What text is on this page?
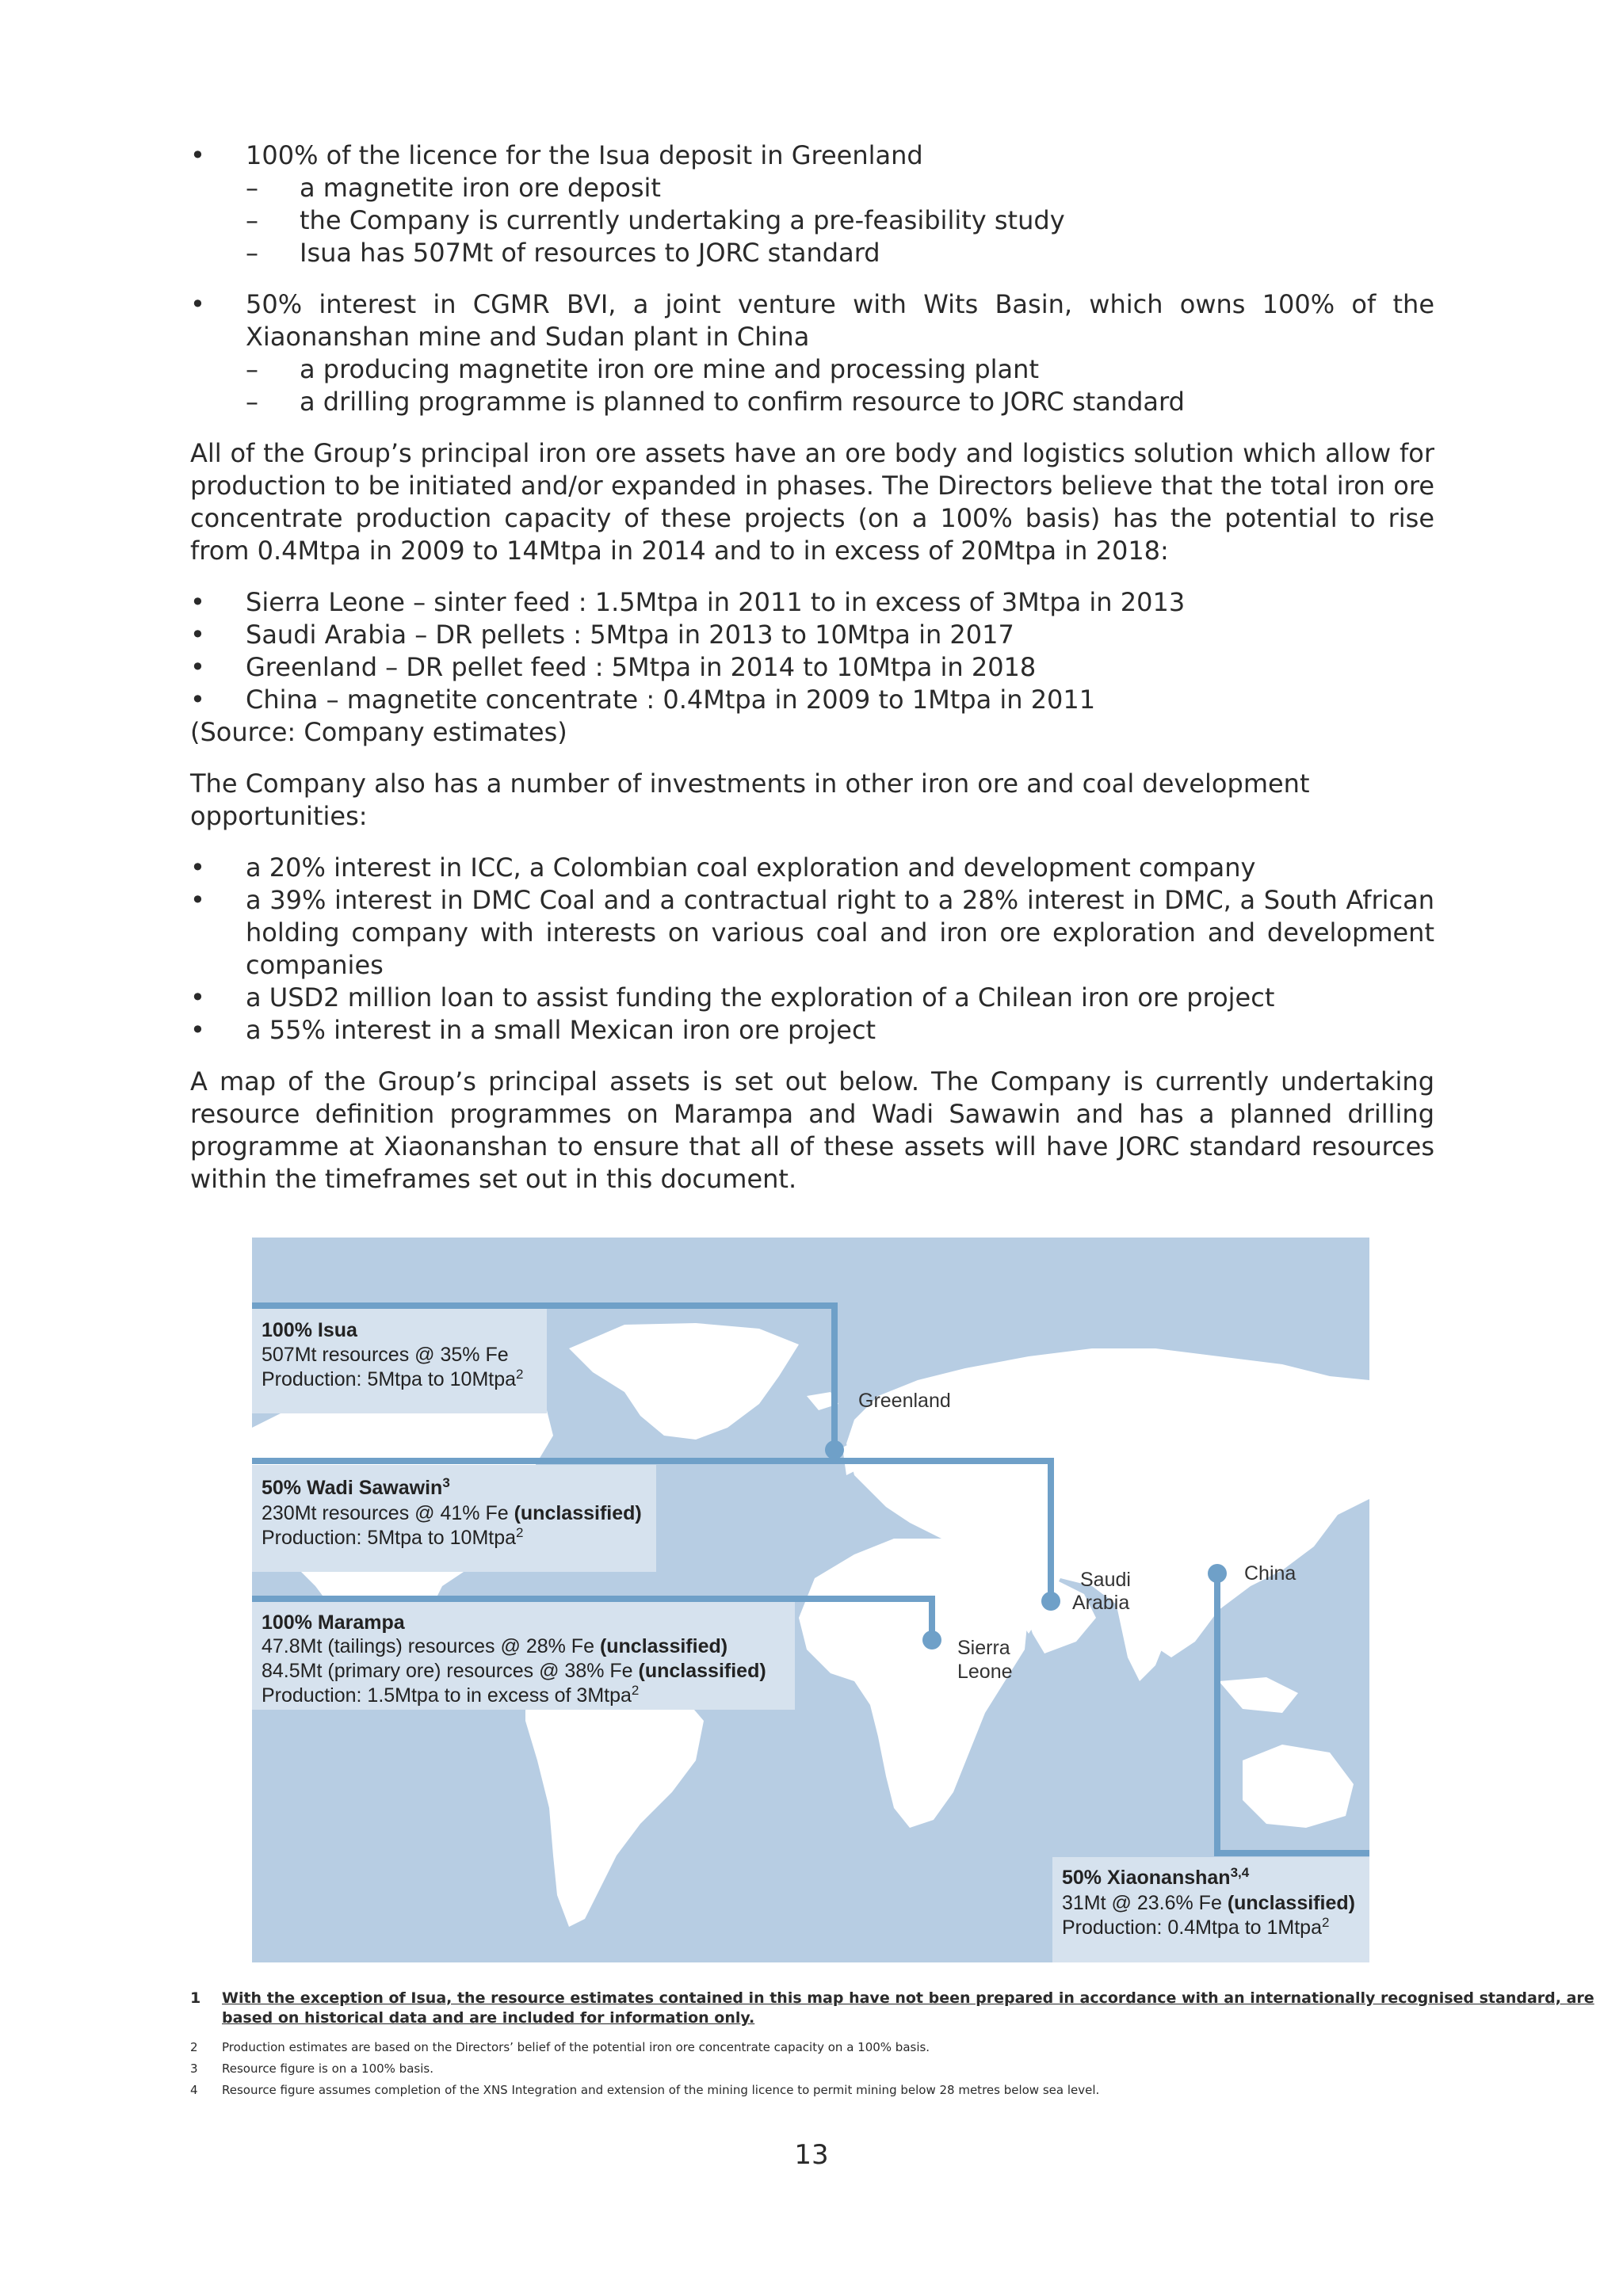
• 100% of the licence for the Isua deposit in Greenland
– a magnetite iron ore deposit
– the Company is currently undertaking a pre-feasibility study
– Isua has 507Mt of resources to JORC standard
• 50% interest in CGMR BVI, a joint venture with Wits Basin, which owns 100% of the Xiaonanshan mine and Sudan plant in China
– a producing magnetite iron ore mine and processing plant
– a drilling programme is planned to confirm resource to JORC standard
All of the Group’s principal iron ore assets have an ore body and logistics solution which allow for production to be initiated and/or expanded in phases. The Directors believe that the total iron ore concentrate production capacity of these projects (on a 100% basis) has the potential to rise from 0.4Mtpa in 2009 to 14Mtpa in 2014 and to in excess of 20Mtpa in 2018:
• Sierra Leone – sinter feed : 1.5Mtpa in 2011 to in excess of 3Mtpa in 2013
• Saudi Arabia – DR pellets : 5Mtpa in 2013 to 10Mtpa in 2017
• Greenland – DR pellet feed : 5Mtpa in 2014 to 10Mtpa in 2018
• China – magnetite concentrate : 0.4Mtpa in 2009 to 1Mtpa in 2011
(Source: Company estimates)
The Company also has a number of investments in other iron ore and coal development opportunities:
• a 20% interest in ICC, a Colombian coal exploration and development company
• a 39% interest in DMC Coal and a contractual right to a 28% interest in DMC, a South African holding company with interests on various coal and iron ore exploration and development companies
• a USD2 million loan to assist funding the exploration of a Chilean iron ore project
• a 55% interest in a small Mexican iron ore project
A map of the Group’s principal assets is set out below. The Company is currently undertaking resource definition programmes on Marampa and Wadi Sawawin and has a planned drilling programme at Xiaonanshan to ensure that all of these assets will have JORC standard resources within the timeframes set out in this document.
Greenland
Saudi
Arabia
Sierra
Leone
China
100% Isua
507Mt resources @ 35% Fe
Production: 5Mtpa to 10Mtpa$^2$
50% Wadi Sawawin$^3$
230Mt resources @ 41% Fe (unclassified)
Production: 5Mtpa to 10Mtpa$^2$
100% Marampa
47.8Mt (tailings) resources @ 28% Fe (unclassified)
84.5Mt (primary ore) resources @ 38% Fe (unclassified)
Production: 1.5Mtpa to in excess of 3Mtpa$^2$
50% Xiaonanshan$^{3,4}$
31Mt @ 23.6% Fe (unclassified)
Production: 0.4Mtpa to 1Mtpa$^2$
1 With the exception of Isua, the resource estimates contained in this map have not been prepared in accordance with an internationally recognised standard, are
based on historical data and are included for information only.
2 Production estimates are based on the Directors’ belief of the potential iron ore concentrate capacity on a 100% basis.
3 Resource figure is on a 100% basis.
4 Resource figure assumes completion of the XNS Integration and extension of the mining licence to permit mining below 28 metres below sea level.
13
